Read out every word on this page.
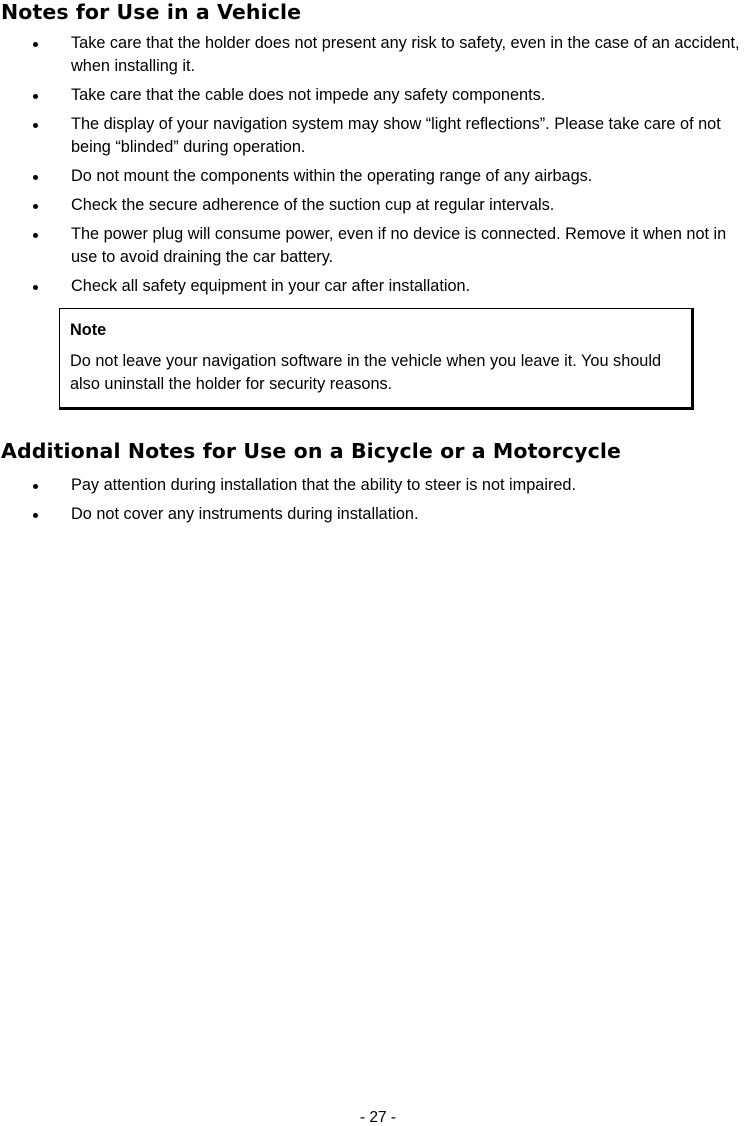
Notes for Use in a Vehicle
Take care that the holder does not present any risk to safety, even in the case of an accident, when installing it.
Take care that the cable does not impede any safety components.
The display of your navigation system may show “light reflections”. Please take care of not being “blinded” during operation.
Do not mount the components within the operating range of any airbags.
Check the secure adherence of the suction cup at regular intervals.
The power plug will consume power, even if no device is connected. Remove it when not in use to avoid draining the car battery.
Check all safety equipment in your car after installation.
Note

Do not leave your navigation software in the vehicle when you leave it. You should also uninstall the holder for security reasons.

Additional Notes for Use on a Bicycle or a Motorcycle
Pay attention during installation that the ability to steer is not impaired.
Do not cover any instruments during installation.
- 27 -
